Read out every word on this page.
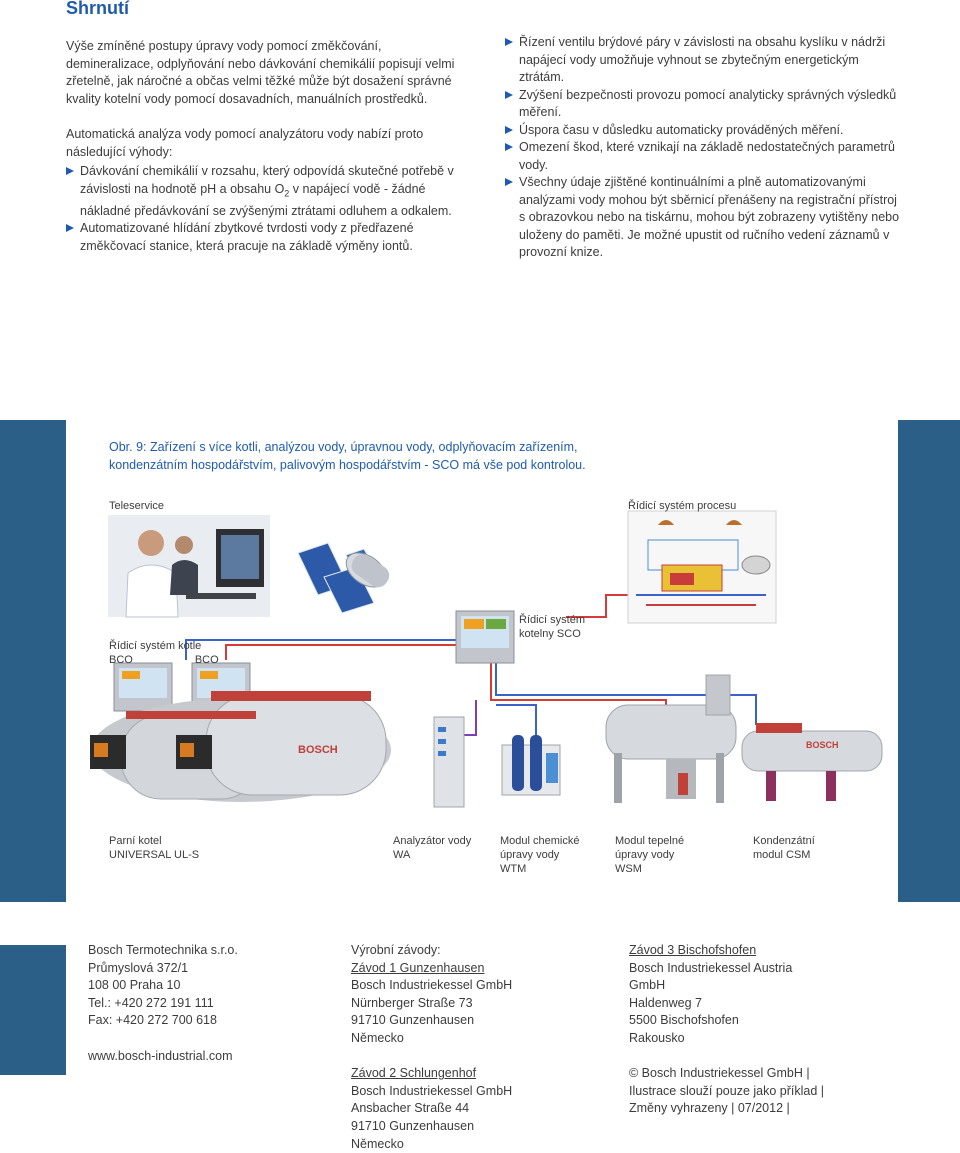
Shrnutí

Výše zmíněné postupy úpravy vody pomocí změkčování, demineralizace, odplyňování nebo dávkování chemikálií popisují velmi zřetelně, jak náročné a občas velmi těžké může být dosažení správné kvality kotelní vody pomocí dosavadních, manuálních prostředků.

Automatická analýza vody pomocí analyzátoru vody nabízí proto následující výhody:

Dávkování chemikálií v rozsahu, který odpovídá skutečné potřebě v závislosti na hodnotě pH a obsahu $O_2$ v napájecí vodě - žádné nákladné předávkování se zvýšenými ztrátami odluhem a odkalem.
Automatizované hlídání zbytkové tvrdosti vody z předřazené změkčovací stanice, která pracuje na základě výměny iontů.
Řízení ventilu brýdové páry v závislosti na obsahu kyslíku v nádrži napájecí vody umožňuje vyhnout se zbytečným energetickým ztrátám.
Zvýšení bezpečnosti provozu pomocí analyticky správných výsledků měření.
Úspora času v důsledku automaticky prováděných měření.
Omezení škod, které vznikají na základě nedostatečných parametrů vody.
Všechny údaje zjištěné kontinuálními a plně automatizovanými analýzami vody mohou být sběrnicí přenášeny na registrační přístroj s obrazovkou nebo na tiskárnu, mohou být zobrazeny vytištěny nebo uloženy do paměti. Je možné upustit od ručního vedení záznamů v provozní knize.
Obr. 9: Zařízení s více kotli, analýzou vody, úpravnou vody, odplyňovacím zařízením,
kondenzátním hospodářstvím, palivovým hospodářstvím - SCO má vše pod kontrolou.
BOSCH	BOSCH
Teleservice	Řídicí systém procesu
Řídicí systém kotle
BCO	BCO
Řídicí systém
kotelny SCO
Parní kotel
UNIVERSAL UL-S
Analyzátor vody
WA
Modul chemické
úpravy vody
WTM
Modul tepelné
úpravy vody
WSM
Kondenzátní
modul CSM
Bosch Termotechnika s.r.o.
Průmyslová 372/1
108 00 Praha 10
Tel.: +420 272 191 111
Fax: +420 272 700 618
www.bosch-industrial.com
Výrobní závody:
Závod 1 Gunzenhausen
Bosch Industriekessel GmbH
Nürnberger Straße 73
91710 Gunzenhausen
Německo
Závod 2 Schlungenhof
Bosch Industriekessel GmbH
Ansbacher Straße 44
91710 Gunzenhausen
Německo
Závod 3 Bischofshofen
Bosch Industriekessel Austria
GmbH
Haldenweg 7
5500 Bischofshofen
Rakousko
© Bosch Industriekessel GmbH |
Ilustrace slouží pouze jako příklad |
Změny vyhrazeny | 07/2012 |
